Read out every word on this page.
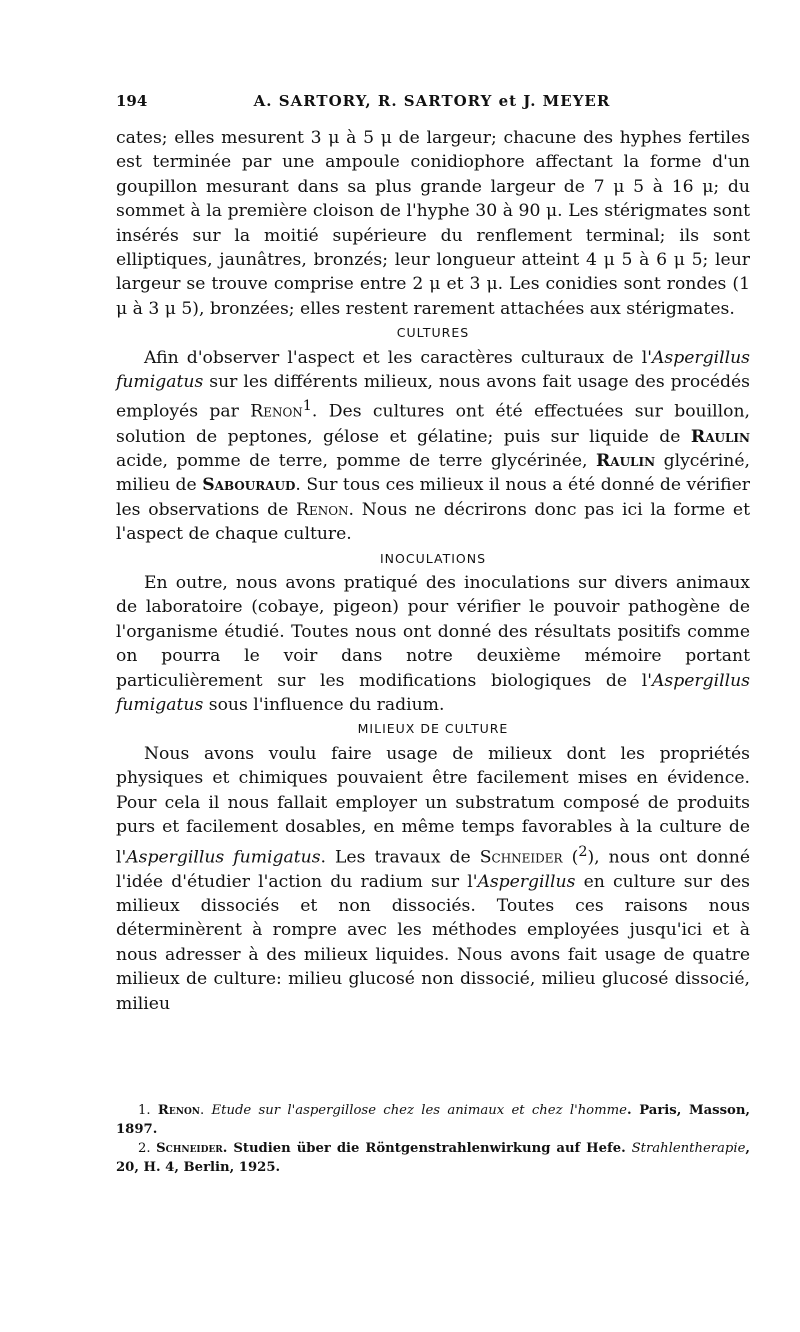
194	A. SARTORY, R. SARTORY et J. MEYER

cates; elles mesurent 3 μ à 5 μ de largeur; chacune des hyphes fertiles est terminée par une ampoule conidiophore affectant la forme d'un goupillon mesurant dans sa plus grande largeur de 7 μ 5 à 16 μ; du sommet à la première cloison de l'hyphe 30 à 90 μ. Les stérigmates sont insérés sur la moitié supérieure du renflement terminal; ils sont elliptiques, jaunâtres, bronzés; leur longueur atteint 4 μ 5 à 6 μ 5; leur largeur se trouve comprise entre 2 μ et 3 μ. Les conidies sont rondes (1 μ à 3 μ 5), bronzées; elles restent rarement attachées aux stérigmates.

CULTURES

Afin d'observer l'aspect et les caractères culturaux de l'Aspergillus fumigatus sur les différents milieux, nous avons fait usage des procédés employés par Renon$^1$. Des cultures ont été effectuées sur bouillon, solution de peptones, gélose et gélatine; puis sur liquide de Raulin acide, pomme de terre, pomme de terre glycérinée, Raulin glycériné, milieu de Sabouraud. Sur tous ces milieux il nous a été donné de vérifier les observations de Renon. Nous ne décrirons donc pas ici la forme et l'aspect de chaque culture.

INOCULATIONS

En outre, nous avons pratiqué des inoculations sur divers animaux de laboratoire (cobaye, pigeon) pour vérifier le pouvoir pathogène de l'organisme étudié. Toutes nous ont donné des résultats positifs comme on pourra le voir dans notre deuxième mémoire portant particulièrement sur les modifications biologiques de l'Aspergillus fumigatus sous l'influence du radium.

MILIEUX DE CULTURE

Nous avons voulu faire usage de milieux dont les propriétés physiques et chimiques pouvaient être facilement mises en évidence. Pour cela il nous fallait employer un substratum composé de produits purs et facilement dosables, en même temps favorables à la culture de l'Aspergillus fumigatus. Les travaux de Schneider ($^2$), nous ont donné l'idée d'étudier l'action du radium sur l'Aspergillus en culture sur des milieux dissociés et non dissociés. Toutes ces raisons nous déterminèrent à rompre avec les méthodes employées jusqu'ici et à nous adresser à des milieux liquides. Nous avons fait usage de quatre milieux de culture: milieu glucosé non dissocié, milieu glucosé dissocié, milieu

1. Renon. Etude sur l'aspergillose chez les animaux et chez l'homme. Paris, Masson, 1897.

2. Schneider. Studien über die Röntgenstrahlenwirkung auf Hefe. Strahlentherapie, 20, H. 4, Berlin, 1925.
